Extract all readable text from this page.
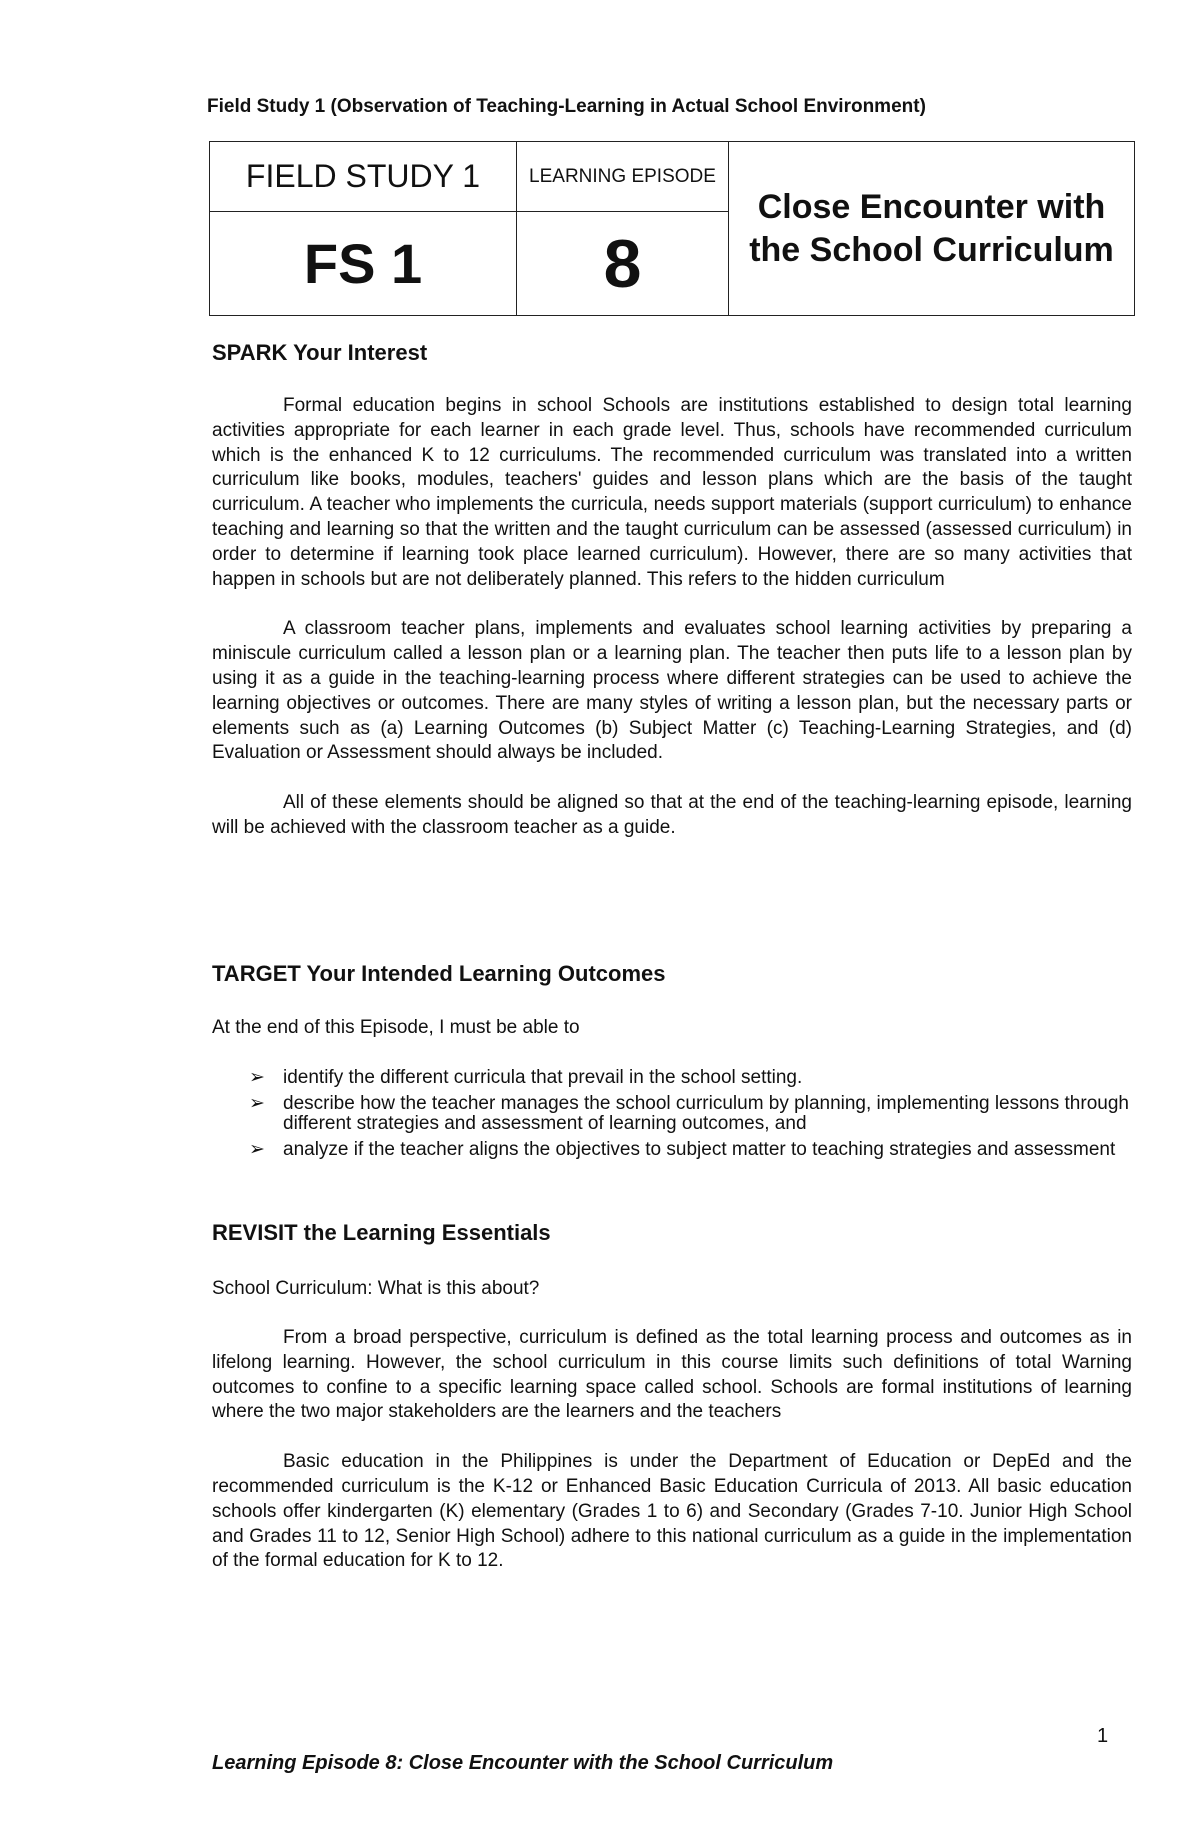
Field Study 1 (Observation of Teaching-Learning in Actual School Environment)
FIELD STUDY 1	LEARNING EPISODE	Close Encounter with the School Curriculum
FS 1	8	
SPARK Your Interest

Formal education begins in school Schools are institutions established to design total learning activities appropriate for each learner in each grade level. Thus, schools have recommended curriculum which is the enhanced K to 12 curriculums. The recommended curriculum was translated into a written curriculum like books, modules, teachers' guides and lesson plans which are the basis of the taught curriculum. A teacher who implements the curricula, needs support materials (support curriculum) to enhance teaching and learning so that the written and the taught curriculum can be assessed (assessed curriculum) in order to determine if learning took place learned curriculum). However, there are so many activities that happen in schools but are not deliberately planned. This refers to the hidden curriculum

A classroom teacher plans, implements and evaluates school learning activities by preparing a miniscule curriculum called a lesson plan or a learning plan. The teacher then puts life to a lesson plan by using it as a guide in the teaching-learning process where different strategies can be used to achieve the learning objectives or outcomes. There are many styles of writing a lesson plan, but the necessary parts or elements such as (a) Learning Outcomes (b) Subject Matter (c) Teaching-Learning Strategies, and (d) Evaluation or Assessment should always be included.

All of these elements should be aligned so that at the end of the teaching-learning episode, learning will be achieved with the classroom teacher as a guide.

TARGET Your Intended Learning Outcomes

At the end of this Episode, I must be able to

➢ identify the different curricula that prevail in the school setting.
➢ describe how the teacher manages the school curriculum by planning, implementing lessons through different strategies and assessment of learning outcomes, and
➢ analyze if the teacher aligns the objectives to subject matter to teaching strategies and assessment
REVISIT the Learning Essentials

School Curriculum: What is this about?

From a broad perspective, curriculum is defined as the total learning process and outcomes as in lifelong learning. However, the school curriculum in this course limits such definitions of total Warning outcomes to confine to a specific learning space called school. Schools are formal institutions of learning where the two major stakeholders are the learners and the teachers

Basic education in the Philippines is under the Department of Education or DepEd and the recommended curriculum is the K-12 or Enhanced Basic Education Curricula of 2013. All basic education schools offer kindergarten (K) elementary (Grades 1 to 6) and Secondary (Grades 7-10. Junior High School and Grades 11 to 12, Senior High School) adhere to this national curriculum as a guide in the implementation of the formal education for K to 12.

1
Learning Episode 8: Close Encounter with the School Curriculum
